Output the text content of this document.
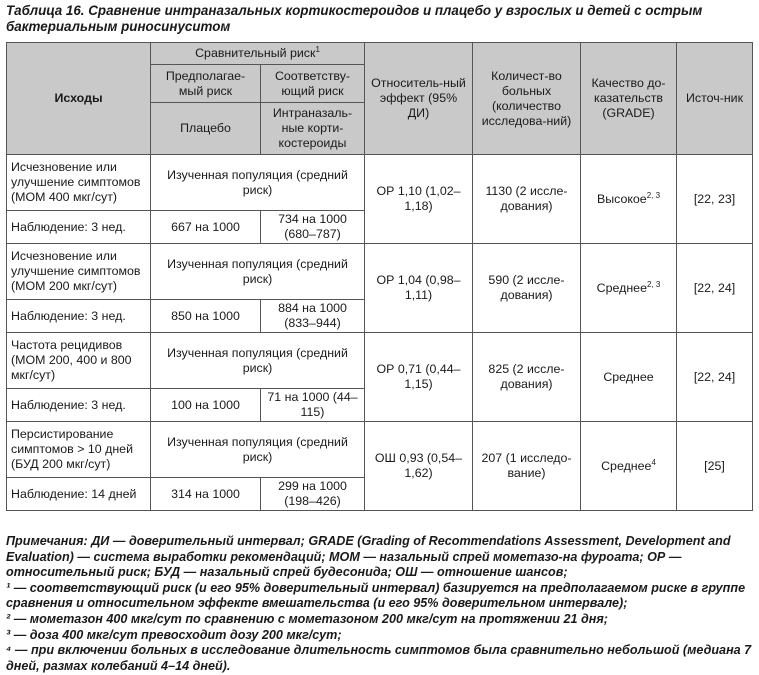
Таблица 16. Сравнение интраназальных кортикостероидов и плацебо у взрослых и детей с острым бактериальным риносинуситом
Исходы	Сравнительный риск$^1$		Относитель-ный эффект (95% ДИ)	Количест-во больных (количество исследова-ний)	Качество до-казательств (GRADE)	Источ-ник
	Предполагае-мый риск	Соответству-ющий риск				
	Плацебо	Интраназаль-ные корти-костероиды				
Исчезновение или улучшение симптомов (МОМ 400 мкг/сут)	Изученная популяция (средний риск)		ОР 1,10 (1,02–1,18)	1130 (2 иссле-дования)	Высокое$^{2, 3}$	[22, 23]
Наблюдение: 3 нед.	667 на 1000	734 на 1000 (680–787)				
Исчезновение или улучшение симптомов (МОМ 200 мкг/сут)	Изученная популяция (средний риск)		ОР 1,04 (0,98–1,11)	590 (2 иссле-дования)	Среднее$^{2, 3}$	[22, 24]
Наблюдение: 3 нед.	850 на 1000	884 на 1000 (833–944)				
Частота рецидивов (МОМ 200, 400 и 800 мкг/сут)	Изученная популяция (средний риск)		ОР 0,71 (0,44–1,15)	825 (2 иссле-дования)	Среднее	[22, 24]
Наблюдение: 3 нед.	100 на 1000	71 на 1000 (44–115)				
Персистирование симптомов > 10 дней (БУД 200 мкг/сут)	Изученная популяция (средний риск)		ОШ 0,93 (0,54–1,62)	207 (1 исследо-вание)	Среднее$^4$	[25]
Наблюдение: 14 дней	314 на 1000	299 на 1000 (198–426)				

Примечания: ДИ — доверительный интервал; GRADE (Grading of Recommendations Assessment, Development and Evaluation) — система выработки рекомендаций; МОМ — назальный спрей мометазо-на фуроата; ОР — относительный риск; БУД — назальный спрей будесонида; ОШ — отношение шансов;

¹ — соответствующий риск (и его 95% доверительный интервал) базируется на предполагаемом риске в группе сравнения и относительном эффекте вмешательства (и его 95% доверительном интервале);

² — мометазон 400 мкг/сут по сравнению с мометазоном 200 мкг/сут на протяжении 21 дня;

³ — доза 400 мкг/сут превосходит дозу 200 мкг/сут;

⁴ — при включении больных в исследование длительность симптомов была сравнительно небольшой (медиана 7 дней, размах колебаний 4–14 дней).
